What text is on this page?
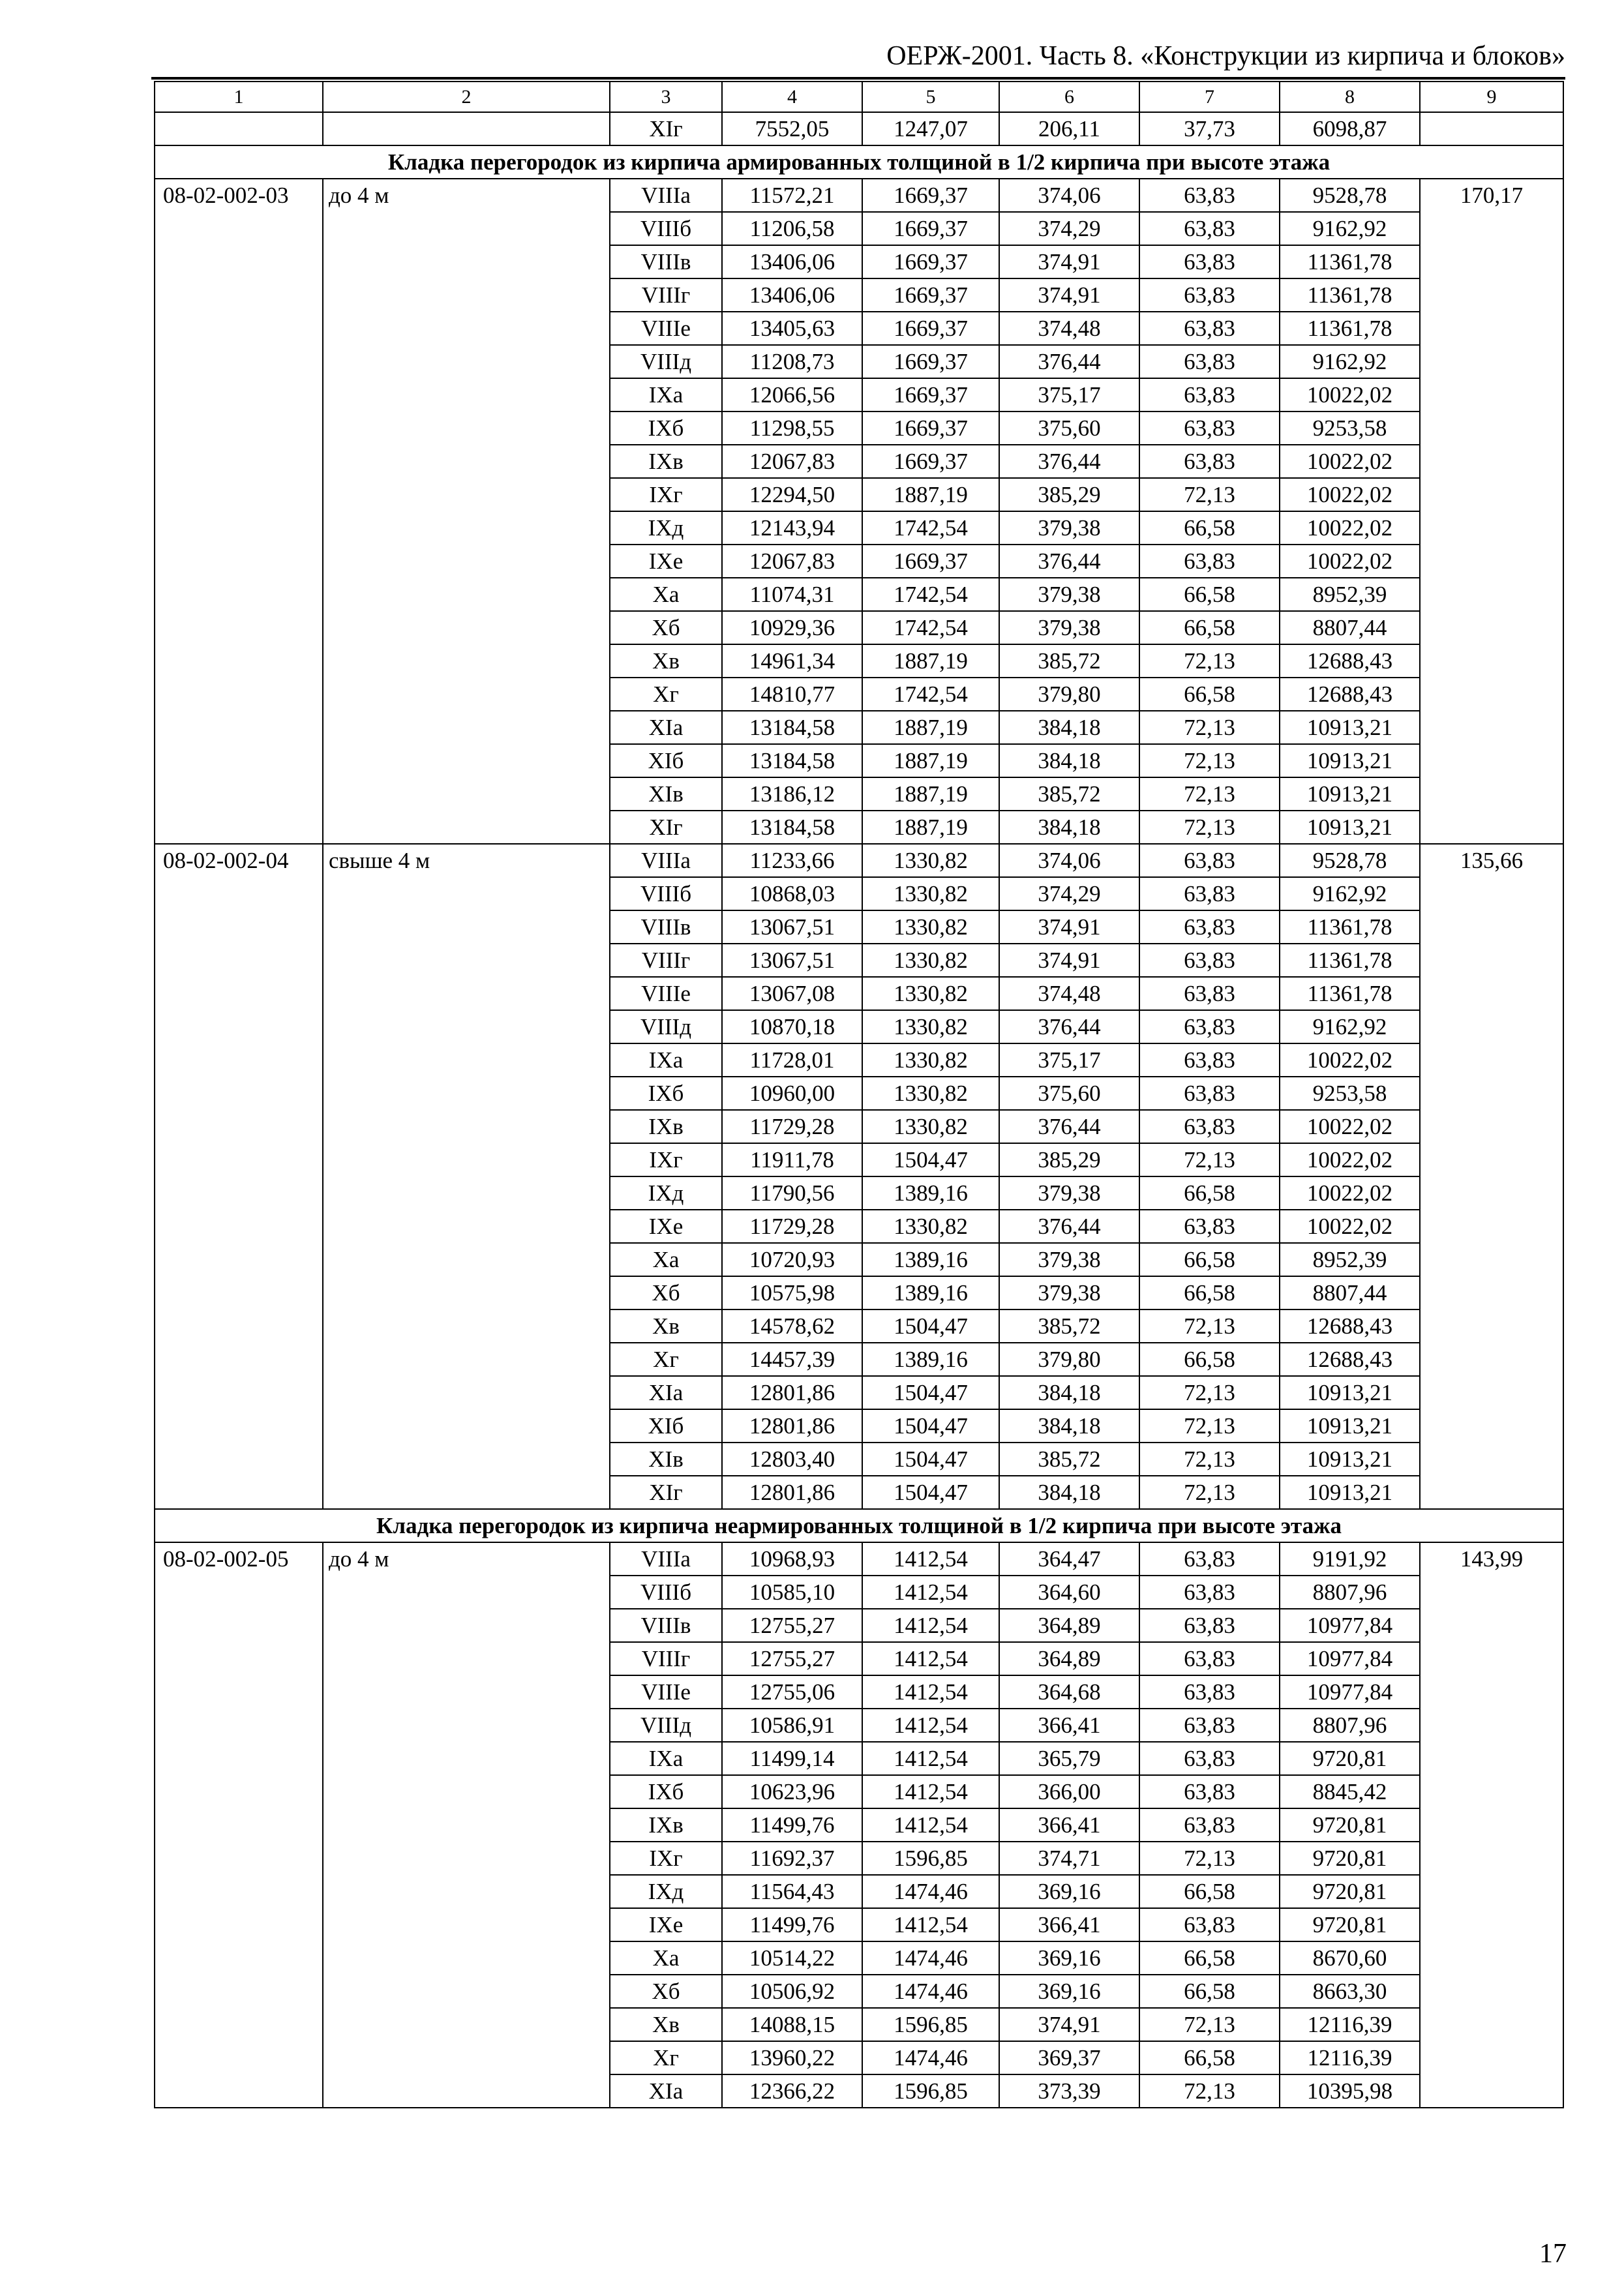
ОЕРЖ-2001. Часть 8. «Конструкции из кирпича и блоков»
1	2	3	4	5	6	7	8	9
		ХIг	7552,05	1247,07	206,11	37,73	6098,87	
Кладка перегородок из кирпича армированных толщиной в 1/2 кирпича при высоте этажа								
08-02-002-03	до 4 м	VIIIа	11572,21	1669,37	374,06	63,83	9528,78	170,17
		VIIIб	11206,58	1669,37	374,29	63,83	9162,92	
		VIIIв	13406,06	1669,37	374,91	63,83	11361,78	
		VIIIг	13406,06	1669,37	374,91	63,83	11361,78	
		VIIIе	13405,63	1669,37	374,48	63,83	11361,78	
		VIIIд	11208,73	1669,37	376,44	63,83	9162,92	
		IХа	12066,56	1669,37	375,17	63,83	10022,02	
		IХб	11298,55	1669,37	375,60	63,83	9253,58	
		IХв	12067,83	1669,37	376,44	63,83	10022,02	
		IХг	12294,50	1887,19	385,29	72,13	10022,02	
		IХд	12143,94	1742,54	379,38	66,58	10022,02	
		IХе	12067,83	1669,37	376,44	63,83	10022,02	
		Ха	11074,31	1742,54	379,38	66,58	8952,39	
		Хб	10929,36	1742,54	379,38	66,58	8807,44	
		Хв	14961,34	1887,19	385,72	72,13	12688,43	
		Хг	14810,77	1742,54	379,80	66,58	12688,43	
		ХIа	13184,58	1887,19	384,18	72,13	10913,21	
		ХIб	13184,58	1887,19	384,18	72,13	10913,21	
		ХIв	13186,12	1887,19	385,72	72,13	10913,21	
		ХIг	13184,58	1887,19	384,18	72,13	10913,21	
08-02-002-04	свыше 4 м	VIIIа	11233,66	1330,82	374,06	63,83	9528,78	135,66
		VIIIб	10868,03	1330,82	374,29	63,83	9162,92	
		VIIIв	13067,51	1330,82	374,91	63,83	11361,78	
		VIIIг	13067,51	1330,82	374,91	63,83	11361,78	
		VIIIе	13067,08	1330,82	374,48	63,83	11361,78	
		VIIIд	10870,18	1330,82	376,44	63,83	9162,92	
		IХа	11728,01	1330,82	375,17	63,83	10022,02	
		IХб	10960,00	1330,82	375,60	63,83	9253,58	
		IХв	11729,28	1330,82	376,44	63,83	10022,02	
		IХг	11911,78	1504,47	385,29	72,13	10022,02	
		IХд	11790,56	1389,16	379,38	66,58	10022,02	
		IХе	11729,28	1330,82	376,44	63,83	10022,02	
		Ха	10720,93	1389,16	379,38	66,58	8952,39	
		Хб	10575,98	1389,16	379,38	66,58	8807,44	
		Хв	14578,62	1504,47	385,72	72,13	12688,43	
		Хг	14457,39	1389,16	379,80	66,58	12688,43	
		ХIа	12801,86	1504,47	384,18	72,13	10913,21	
		ХIб	12801,86	1504,47	384,18	72,13	10913,21	
		ХIв	12803,40	1504,47	385,72	72,13	10913,21	
		ХIг	12801,86	1504,47	384,18	72,13	10913,21	
Кладка перегородок из кирпича неармированных толщиной в 1/2 кирпича при высоте этажа								
08-02-002-05	до 4 м	VIIIа	10968,93	1412,54	364,47	63,83	9191,92	143,99
		VIIIб	10585,10	1412,54	364,60	63,83	8807,96	
		VIIIв	12755,27	1412,54	364,89	63,83	10977,84	
		VIIIг	12755,27	1412,54	364,89	63,83	10977,84	
		VIIIе	12755,06	1412,54	364,68	63,83	10977,84	
		VIIIд	10586,91	1412,54	366,41	63,83	8807,96	
		IХа	11499,14	1412,54	365,79	63,83	9720,81	
		IХб	10623,96	1412,54	366,00	63,83	8845,42	
		IХв	11499,76	1412,54	366,41	63,83	9720,81	
		IХг	11692,37	1596,85	374,71	72,13	9720,81	
		IХд	11564,43	1474,46	369,16	66,58	9720,81	
		IХе	11499,76	1412,54	366,41	63,83	9720,81	
		Ха	10514,22	1474,46	369,16	66,58	8670,60	
		Хб	10506,92	1474,46	369,16	66,58	8663,30	
		Хв	14088,15	1596,85	374,91	72,13	12116,39	
		Хг	13960,22	1474,46	369,37	66,58	12116,39	
		ХIа	12366,22	1596,85	373,39	72,13	10395,98	
17
